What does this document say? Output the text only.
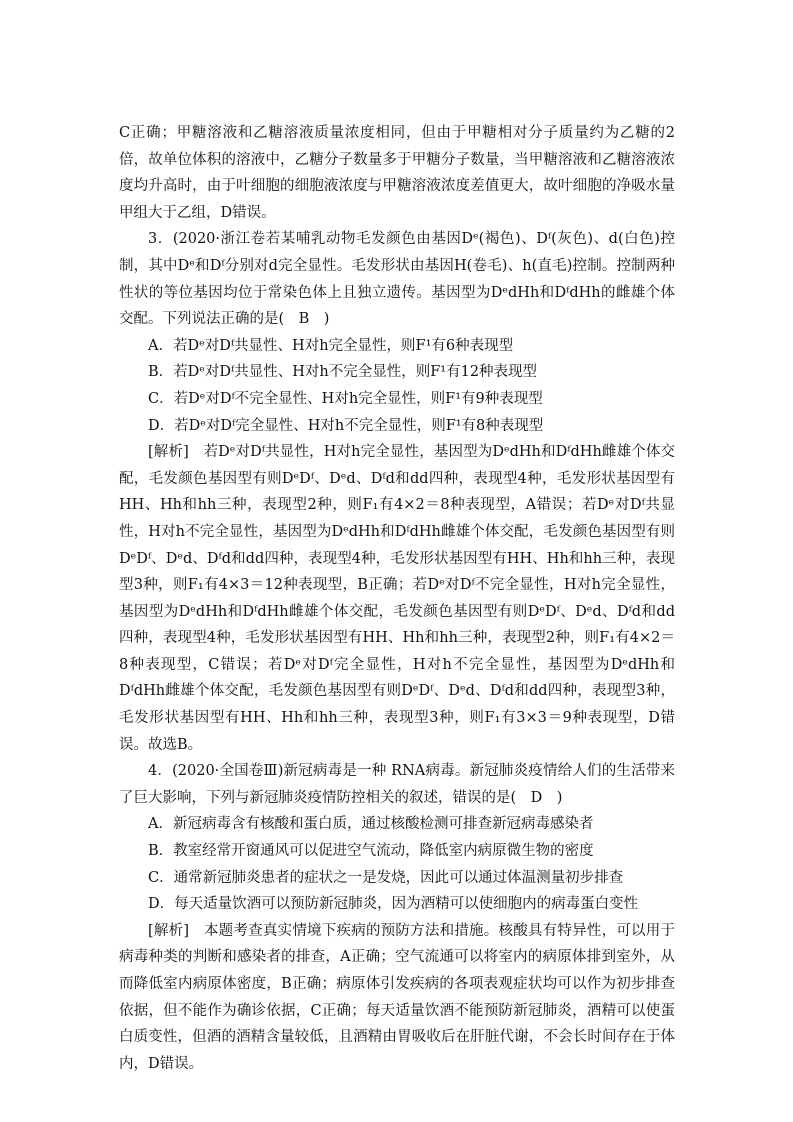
C正确；甲糖溶液和乙糖溶液质量浓度相同，但由于甲糖相对分子质量约为乙糖的2倍，故单位体积的溶液中，乙糖分子数量多于甲糖分子数量，当甲糖溶液和乙糖溶液浓度均升高时，由于叶细胞的细胞液浓度与甲糖溶液浓度差值更大，故叶细胞的净吸水量甲组大于乙组，D错误。

3．(2020·浙江卷若某哺乳动物毛发颜色由基因Dᵉ(褐色)、Dᶠ(灰色)、d(白色)控制，其中Dᵉ和Dᶠ分别对d完全显性。毛发形状由基因H(卷毛)、h(直毛)控制。控制两种性状的等位基因均位于常染色体上且独立遗传。基因型为DᵉdHh和DᶠdHh的雌雄个体交配。下列说法正确的是(　B　)

A．若Dᵉ对Dᶠ共显性、H对h完全显性，则F¹有6种表现型

B．若Dᵉ对Dᶠ共显性、H对h不完全显性，则F¹有12种表现型

C．若Dᵉ对Dᶠ不完全显性、H对h完全显性，则F¹有9种表现型

D．若Dᵉ对Dᶠ完全显性、H对h不完全显性，则F¹有8种表现型

[解析]　若Dᵉ对Dᶠ共显性，H对h完全显性，基因型为DᵉdHh和DᶠdHh雌雄个体交配，毛发颜色基因型有则DᵉDᶠ、Dᵉd、Dᶠd和dd四种，表现型4种，毛发形状基因型有HH、Hh和hh三种，表现型2种，则F₁有4×2＝8种表现型，A错误；若Dᵉ对Dᶠ共显性，H对h不完全显性，基因型为DᵉdHh和DᶠdHh雌雄个体交配，毛发颜色基因型有则DᵉDᶠ、Dᵉd、Dᶠd和dd四种，表现型4种，毛发形状基因型有HH、Hh和hh三种，表现型3种，则F₁有4×3＝12种表现型，B正确；若Dᵉ对Dᶠ不完全显性，H对h完全显性，基因型为DᵉdHh和DᶠdHh雌雄个体交配，毛发颜色基因型有则DᵉDᶠ、Dᵉd、Dᶠd和dd四种，表现型4种，毛发形状基因型有HH、Hh和hh三种，表现型2种，则F₁有4×2＝8种表现型，C错误；若Dᵉ对Dᶠ完全显性，H对h不完全显性，基因型为DᵉdHh和DᶠdHh雌雄个体交配，毛发颜色基因型有则DᵉDᶠ、Dᵉd、Dᶠd和dd四种，表现型3种，毛发形状基因型有HH、Hh和hh三种，表现型3种，则F₁有3×3＝9种表现型，D错误。故选B。

4．(2020·全国卷Ⅲ)新冠病毒是一种 RNA病毒。新冠肺炎疫情给人们的生活带来了巨大影响，下列与新冠肺炎疫情防控相关的叙述，错误的是(　D　)

A．新冠病毒含有核酸和蛋白质，通过核酸检测可排查新冠病毒感染者

B．教室经常开窗通风可以促进空气流动，降低室内病原微生物的密度

C．通常新冠肺炎患者的症状之一是发烧，因此可以通过体温测量初步排查

D．每天适量饮酒可以预防新冠肺炎，因为酒精可以使细胞内的病毒蛋白变性

[解析]　本题考查真实情境下疾病的预防方法和措施。核酸具有特异性，可以用于病毒种类的判断和感染者的排查，A正确；空气流通可以将室内的病原体排到室外，从而降低室内病原体密度，B正确；病原体引发疾病的各项表观症状均可以作为初步排查依据，但不能作为确诊依据，C正确；每天适量饮酒不能预防新冠肺炎，酒精可以使蛋白质变性，但酒的酒精含量较低，且酒精由胃吸收后在肝脏代谢，不会长时间存在于体内，D错误。
